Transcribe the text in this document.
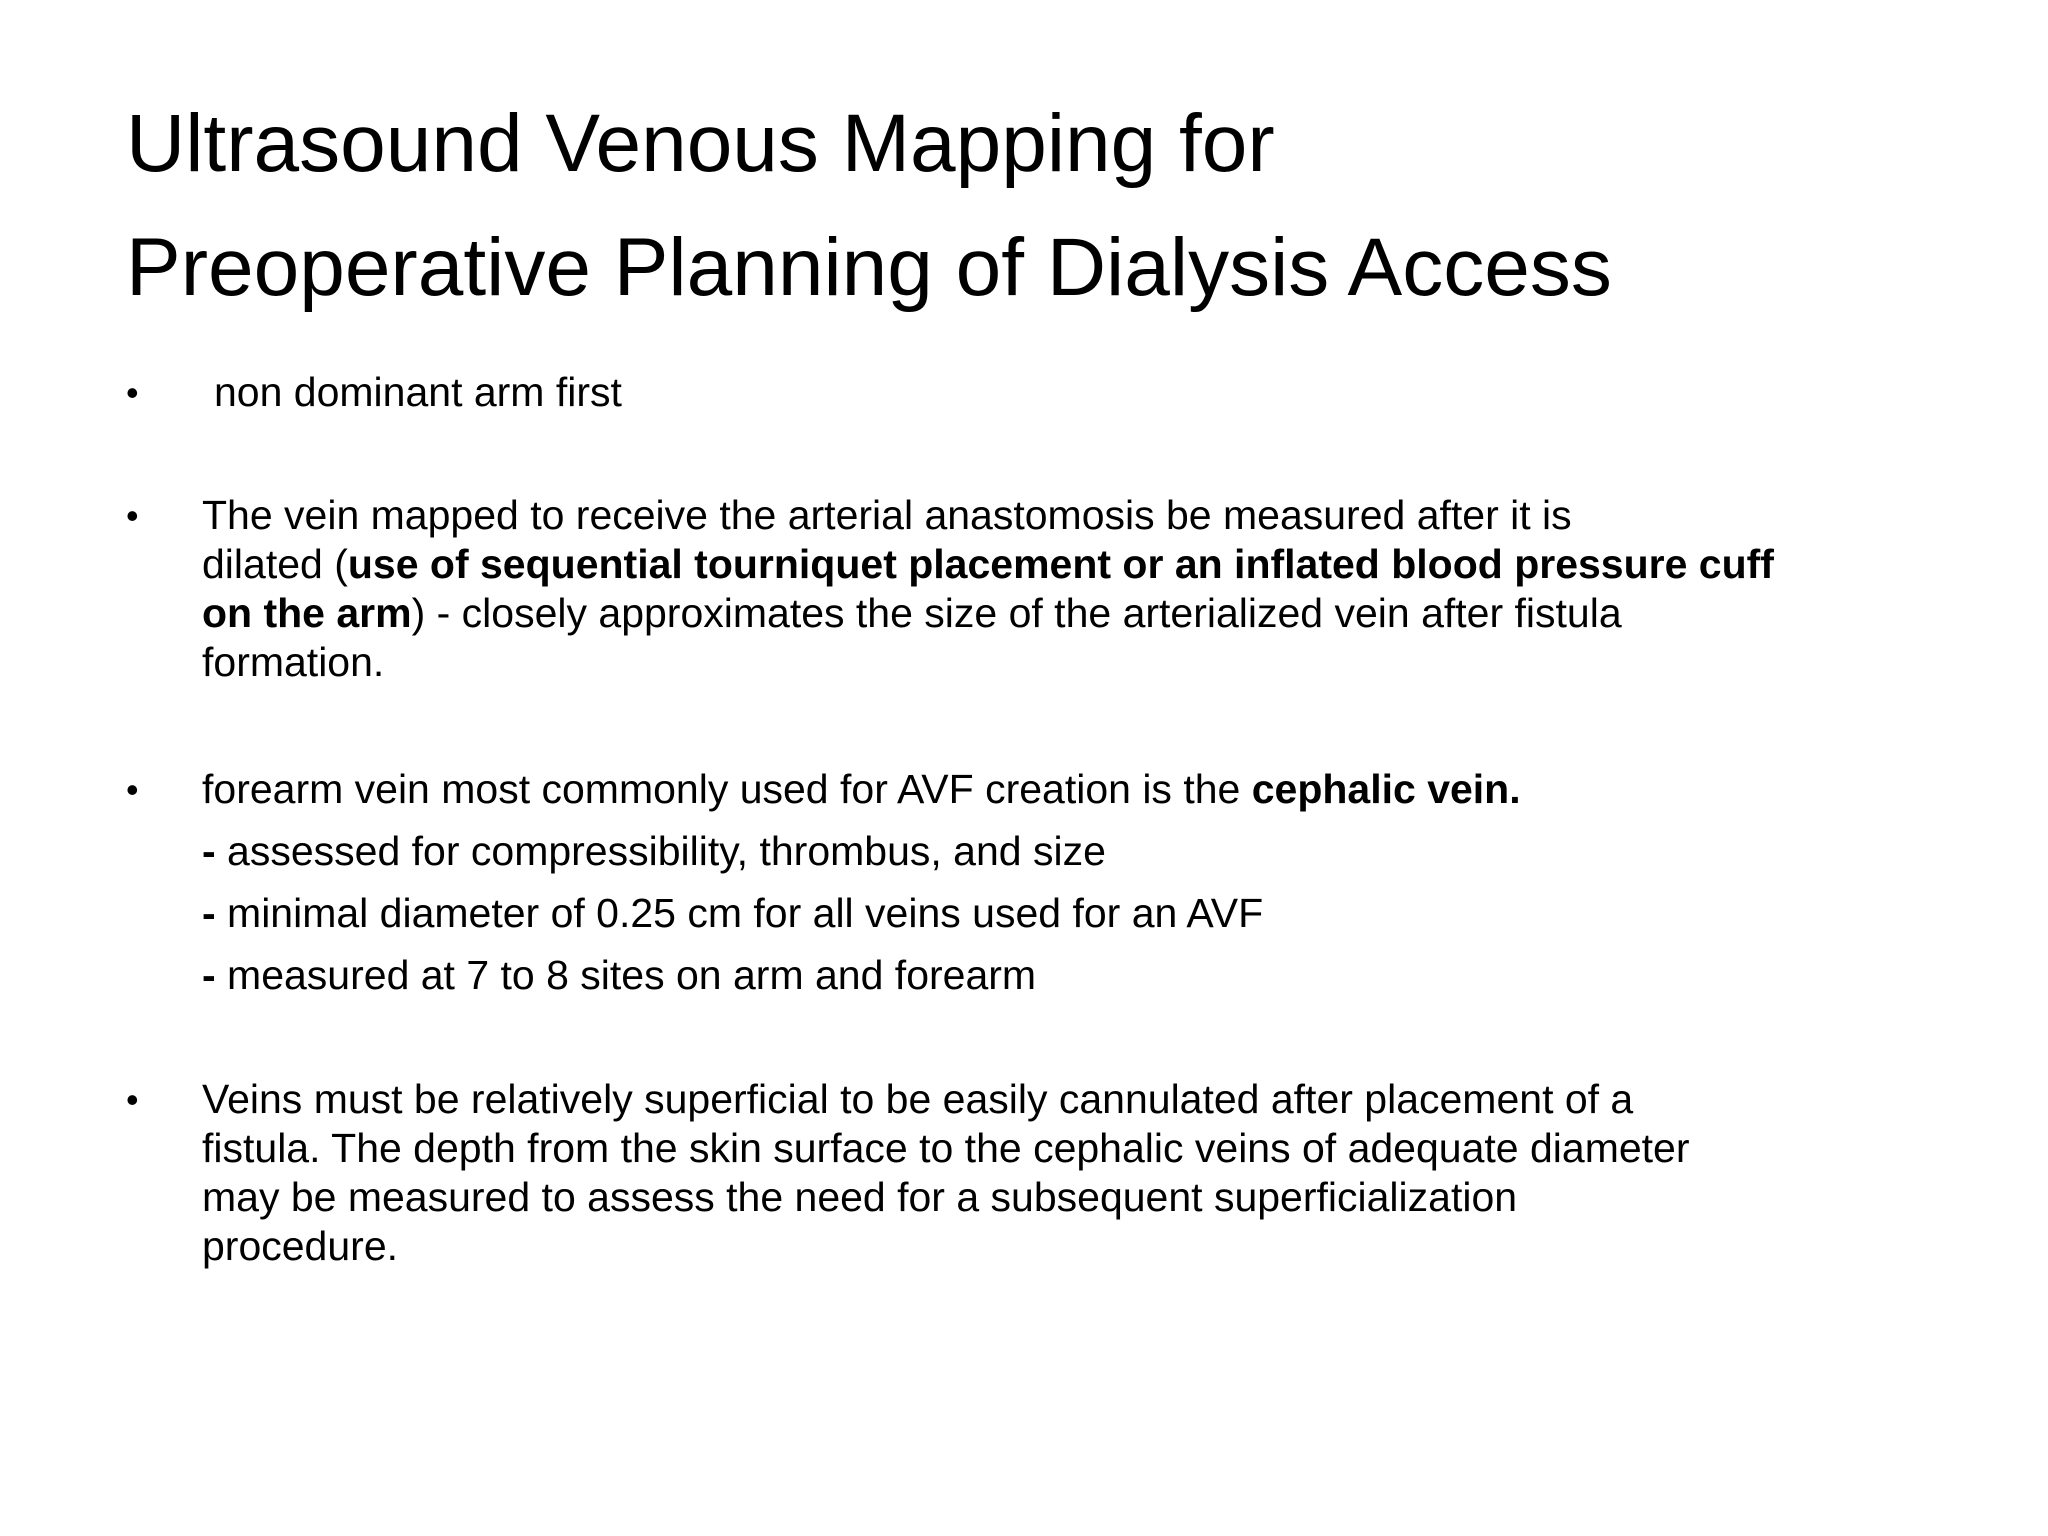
Ultrasound Venous Mapping for
Preoperative Planning of Dialysis Access
•	non dominant arm first
•	The vein mapped to receive the arterial anastomosis be measured after it is
dilated (use of sequential tourniquet placement or an inflated blood pressure cuff
on the arm) - closely approximates the size of the arterialized vein after fistula
formation.
•	forearm vein most commonly used for AVF creation is the cephalic vein.
- assessed for compressibility, thrombus, and size
- minimal diameter of 0.25 cm for all veins used for an AVF
- measured at 7 to 8 sites on arm and forearm
•	Veins must be relatively superficial to be easily cannulated after placement of a
fistula. The depth from the skin surface to the cephalic veins of adequate diameter
may be measured to assess the need for a subsequent superficialization
procedure.
